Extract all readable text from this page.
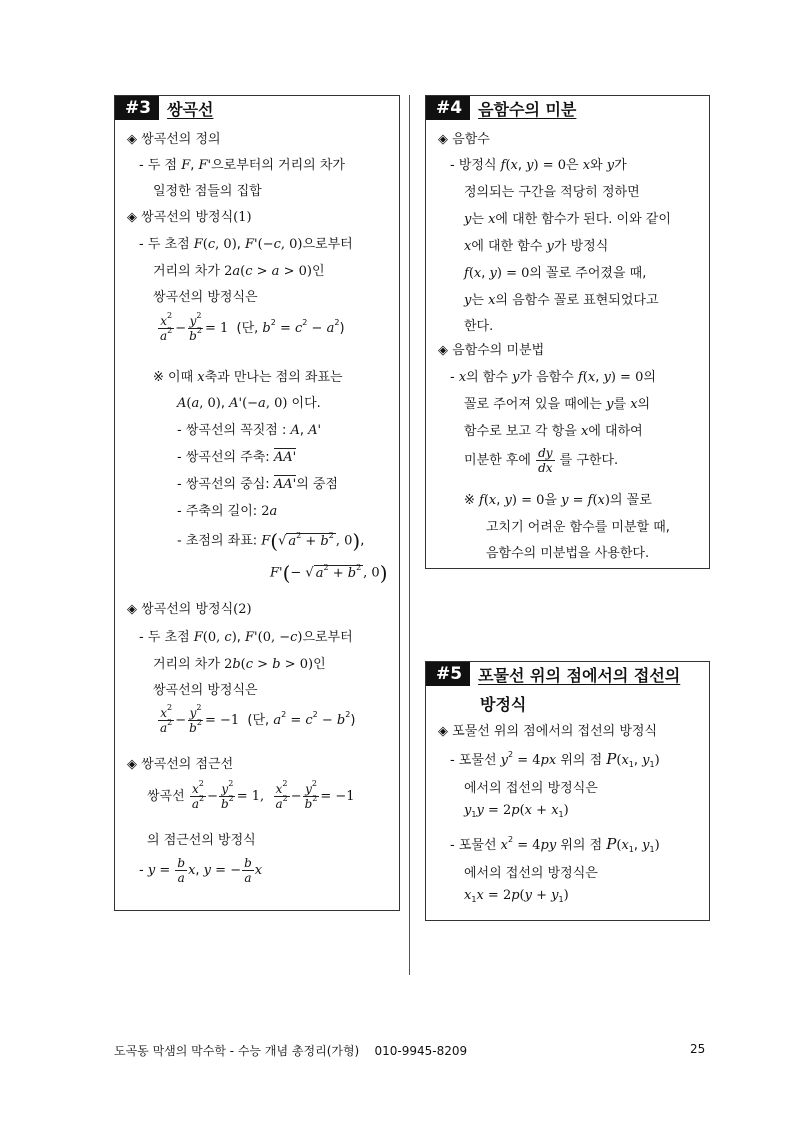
#3	쌍곡선
◈ 쌍곡선의 정의
- 두 점 F, F'으로부터의 거리의 차가
일정한 점들의 집합
◈ 쌍곡선의 방정식(1)
- 두 초점 F(c, 0), F'(−c, 0)으로부터
거리의 차가 2a(c > a > 0)인
쌍곡선의 방정식은
$\frac{x^2}{a^2} - \frac{y^2}{b^2} = 1$  (단, $b^2 = c^2 - a^2$)
※ 이때 x축과 만나는 점의 좌표는
A(a, 0), A'(−a, 0) 이다.
- 쌍곡선의 꼭짓점 : A, A'
- 쌍곡선의 주축: AA'
- 쌍곡선의 중심: AA'의 중점
- 주축의 길이: 2a
- 초점의 좌표: F(√ $a^2 + b^2$ , 0),
F'(− √ $a^2 + b^2$ , 0)
◈ 쌍곡선의 방정식(2)
- 두 초점 F(0, c), F'(0, −c)으로부터
거리의 차가 2b(c > b > 0)인
쌍곡선의 방정식은
$\frac{x^2}{a^2} - \frac{y^2}{b^2} = -1$  (단, $a^2 = c^2 - b^2$)
◈ 쌍곡선의 점근선
쌍곡선 $\frac{x^2}{a^2} - \frac{y^2}{b^2} = 1$, $\frac{x^2}{a^2} - \frac{y^2}{b^2} = -1$
의 점근선의 방정식
- $y = \frac{b}{a} x$, y = − $\frac{b}{a}$ x
#4	음함수의 미분
◈ 음함수
- 방정식 f(x, y) = 0은 x와 y가
정의되는 구간을 적당히 정하면
y는 x에 대한 함수가 된다. 이와 같이
x에 대한 함수 y가 방정식
f(x, y) = 0의 꼴로 주어졌을 때,
y는 x의 음함수 꼴로 표현되었다고
한다.
◈ 음함수의 미분법
- x의 함수 y가 음함수 f(x, y) = 0의
꼴로 주어져 있을 때에는 y를 x의
함수로 보고 각 항을 x에 대하여
미분한 후에 $\frac{dy}{dx}$ 를 구한다.
※ f(x, y) = 0을 y = f(x)의 꼴로
고치기 어려운 함수를 미분할 때,
음함수의 미분법을 사용한다.
#5	포물선 위의 점에서의 접선의
방정식
◈ 포물선 위의 점에서의 접선의 방정식
- 포물선 $y^2 = 4px$ 위의 점 $P(x_1$, $y_1$)
에서의 접선의 방정식은
$y_1y = 2p(x + x_1)$
- 포물선 $x^2 = 4py$ 위의 점 $P(x_1$, $y_1$)
에서의 접선의 방정식은
$x_1x = 2p(y + y_1)$
도곡동 막샘의 막수학 - 수능 개념 총정리(가형)    010-9945-8209	25
